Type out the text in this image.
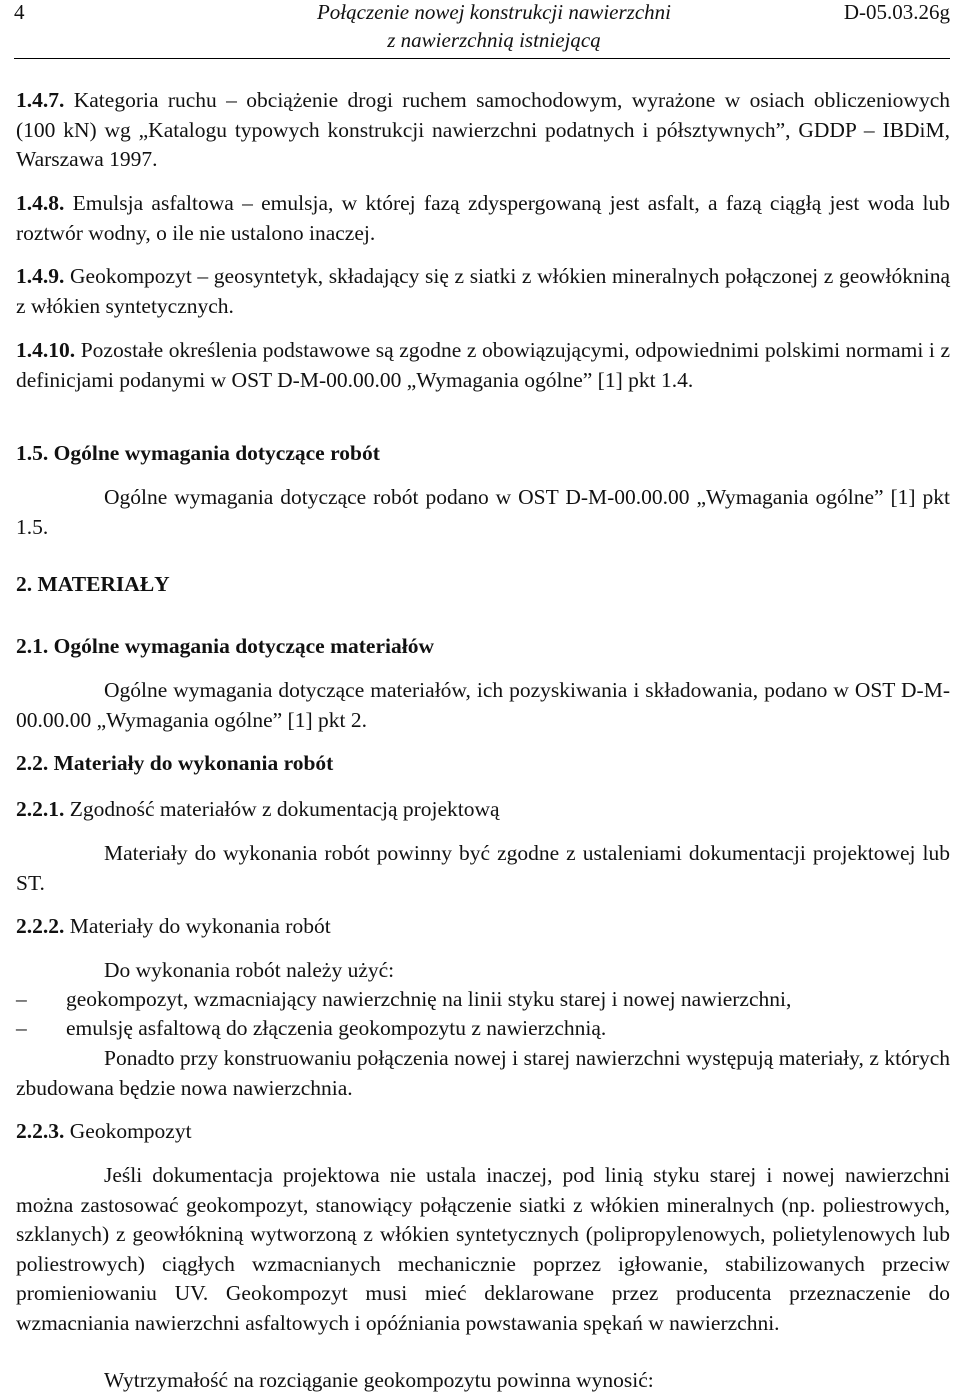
4	Połączenie nowej konstrukcji nawierzchni
z nawierzchnią istniejącą
D-05.03.26g
1.4.7. Kategoria ruchu – obciążenie drogi ruchem samochodowym, wyrażone w osiach obliczeniowych (100 kN) wg „Katalogu typowych konstrukcji nawierzchni podatnych i półsztywnych”, GDDP – IBDiM, Warszawa 1997.
1.4.8. Emulsja asfaltowa – emulsja, w której fazą zdyspergowaną jest asfalt, a fazą ciągłą jest woda lub roztwór wodny, o ile nie ustalono inaczej.
1.4.9. Geokompozyt – geosyntetyk, składający się z siatki z włókien mineralnych połączonej z geowłókniną z włókien syntetycznych.
1.4.10. Pozostałe określenia podstawowe są zgodne z obowiązującymi, odpowiednimi polskimi normami i z definicjami podanymi w OST D-M-00.00.00 „Wymagania ogólne” [1] pkt 1.4.
1.5. Ogólne wymagania dotyczące robót
Ogólne wymagania dotyczące robót podano w OST D-M-00.00.00 „Wymagania ogólne” [1] pkt 1.5.
2. MATERIAŁY
2.1. Ogólne wymagania dotyczące materiałów
Ogólne wymagania dotyczące materiałów, ich pozyskiwania i składowania, podano w OST D-M-00.00.00 „Wymagania ogólne” [1] pkt 2.
2.2. Materiały do wykonania robót
2.2.1. Zgodność materiałów z dokumentacją projektową
Materiały do wykonania robót powinny być zgodne z ustaleniami dokumentacji projektowej lub ST.
2.2.2. Materiały do wykonania robót
Do wykonania robót należy użyć:
– geokompozyt, wzmacniający nawierzchnię na linii styku starej i nowej nawierzchni,
– emulsję asfaltową do złączenia geokompozytu z nawierzchnią.
Ponadto przy konstruowaniu połączenia nowej i starej nawierzchni występują materiały, z których zbudowana będzie nowa nawierzchnia.
2.2.3. Geokompozyt
Jeśli dokumentacja projektowa nie ustala inaczej, pod linią styku starej i nowej nawierzchni można zastosować geokompozyt, stanowiący połączenie siatki z włókien mineralnych (np. poliestrowych, szklanych) z geowłókniną wytworzoną z włókien syntetycznych (polipropylenowych, polietylenowych lub poliestrowych) ciągłych wzmacnianych mechanicznie poprzez igłowanie, stabilizowanych przeciw promieniowaniu UV. Geokompozyt musi mieć deklarowane przez producenta przeznaczenie do wzmacniania nawierzchni asfaltowych i opóźniania powstawania spękań w nawierzchni.
Wytrzymałość na rozciąganie geokompozytu powinna wynosić:
